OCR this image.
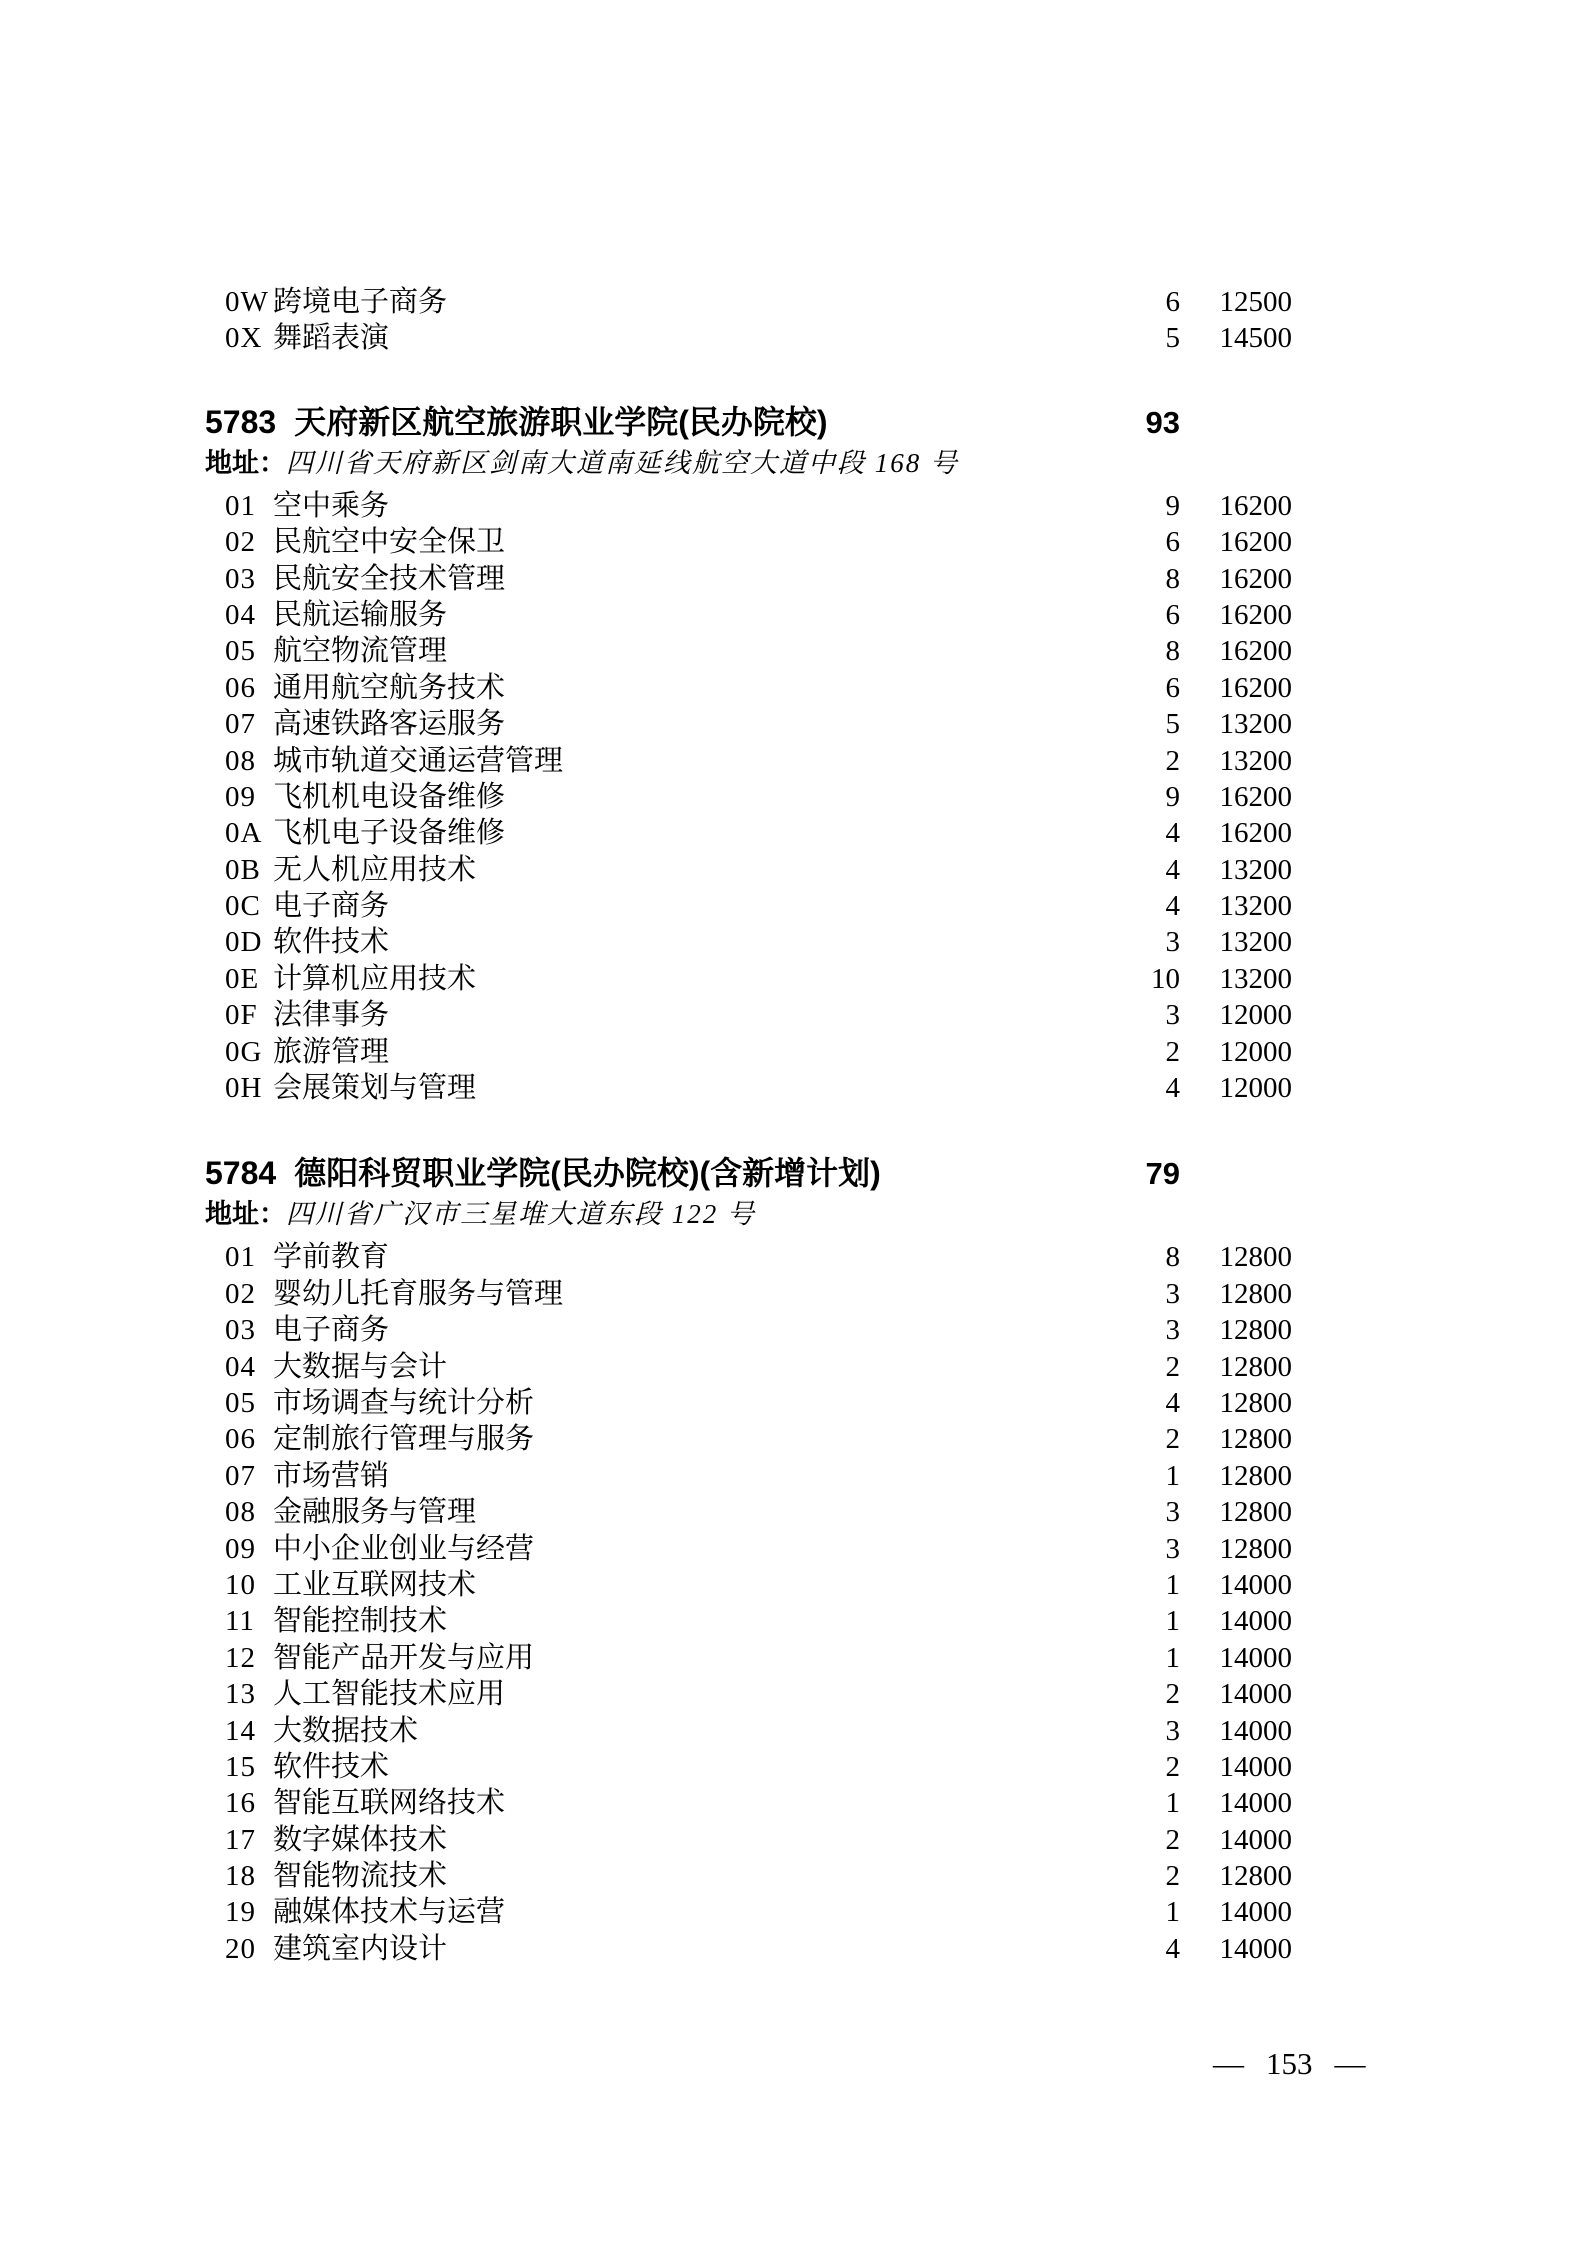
0W 跨境电子商务	6	12500
0X 舞蹈表演	5	14500
5783 天府新区航空旅游职业学院(民办院校)	93
地址：四川省天府新区剑南大道南延线航空大道中段 168 号
01 空中乘务	9	16200
02 民航空中安全保卫	6	16200
03 民航安全技术管理	8	16200
04 民航运输服务	6	16200
05 航空物流管理	8	16200
06 通用航空航务技术	6	16200
07 高速铁路客运服务	5	13200
08 城市轨道交通运营管理	2	13200
09 飞机机电设备维修	9	16200
0A 飞机电子设备维修	4	16200
0B 无人机应用技术	4	13200
0C 电子商务	4	13200
0D 软件技术	3	13200
0E 计算机应用技术	10	13200
0F 法律事务	3	12000
0G 旅游管理	2	12000
0H 会展策划与管理	4	12000
5784 德阳科贸职业学院(民办院校)(含新增计划)	79
地址：四川省广汉市三星堆大道东段 122 号
01 学前教育	8	12800
02 婴幼儿托育服务与管理	3	12800
03 电子商务	3	12800
04 大数据与会计	2	12800
05 市场调查与统计分析	4	12800
06 定制旅行管理与服务	2	12800
07 市场营销	1	12800
08 金融服务与管理	3	12800
09 中小企业创业与经营	3	12800
10 工业互联网技术	1	14000
11 智能控制技术	1	14000
12 智能产品开发与应用	1	14000
13 人工智能技术应用	2	14000
14 大数据技术	3	14000
15 软件技术	2	14000
16 智能互联网络技术	1	14000
17 数字媒体技术	2	14000
18 智能物流技术	2	12800
19 融媒体技术与运营	1	14000
20 建筑室内设计	4	14000
— 153 —
